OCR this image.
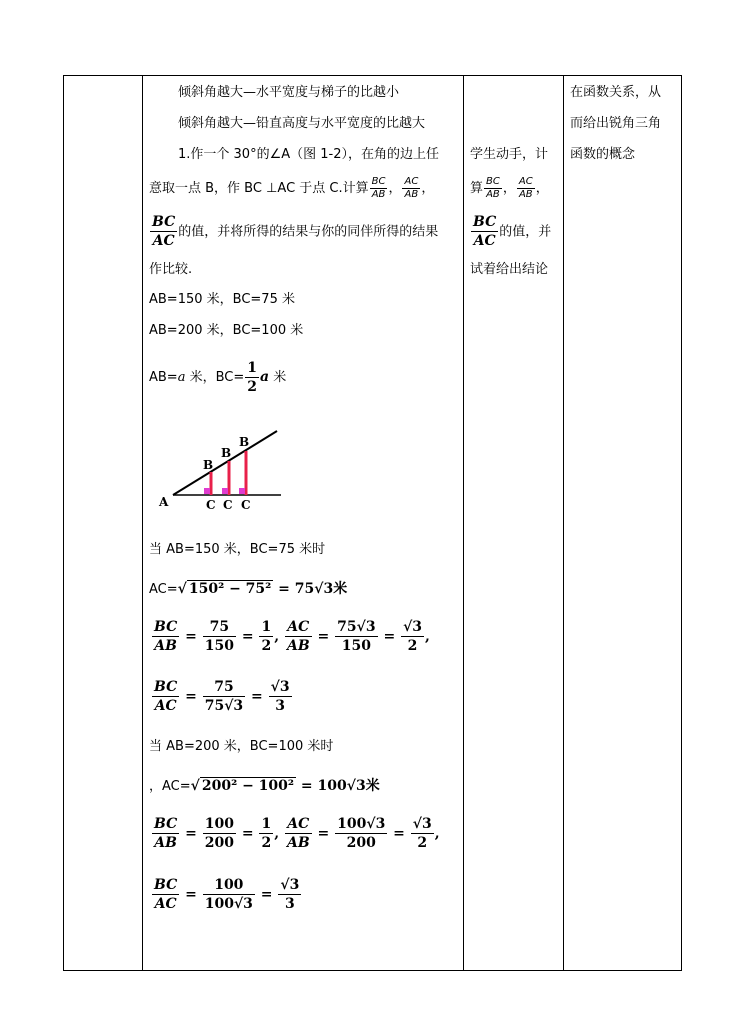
倾斜角越大—水平宽度与梯子的比越小
倾斜角越大—铅直高度与水平宽度的比越大
1.作一个 30°的∠A（图 1-2），在角的边上任
意取一点 B，作 BC ⊥AC 于点 C.计算 $\frac{BC}{AB}$ ， $\frac{AC}{AB}$ ，
$\frac{BC}{AC}$ 的值，并将所得的结果与你的同伴所得的结果
作比较.
AB=150 米，BC=75 米
AB=200 米，BC=100 米
AB=a 米，$BC= \frac{1}{2}$ a 米
A
B
B
B
C C C
当 AB=150 米，BC=75 米时
AC=√ 150² − 75² = 75√3米
$\frac{BC}{AB} = \frac{75}{150} = \frac{1}{2}$ , $\frac{AC}{AB} = \frac{75√3}{150} = \frac{√3}{2}$ ,
$\frac{BC}{AC} = \frac{75}{75√3} = \frac{√3}{3}$
当 AB=200 米，BC=100 米时
，AC=√ 200² − 100² = 100√3米
$\frac{BC}{AB} = \frac{100}{200} = \frac{1}{2}$ , $\frac{AC}{AB} = \frac{100√3}{200} = \frac{√3}{2}$ ,
$\frac{BC}{AC} = \frac{100}{100√3} = \frac{√3}{3}$
学生动手，计
算 $\frac{BC}{AB}$ ， $\frac{AC}{AB}$ ，
$\frac{BC}{AC}$ 的值，并
试着给出结论
在函数关系，从
而给出锐角三角
函数的概念
